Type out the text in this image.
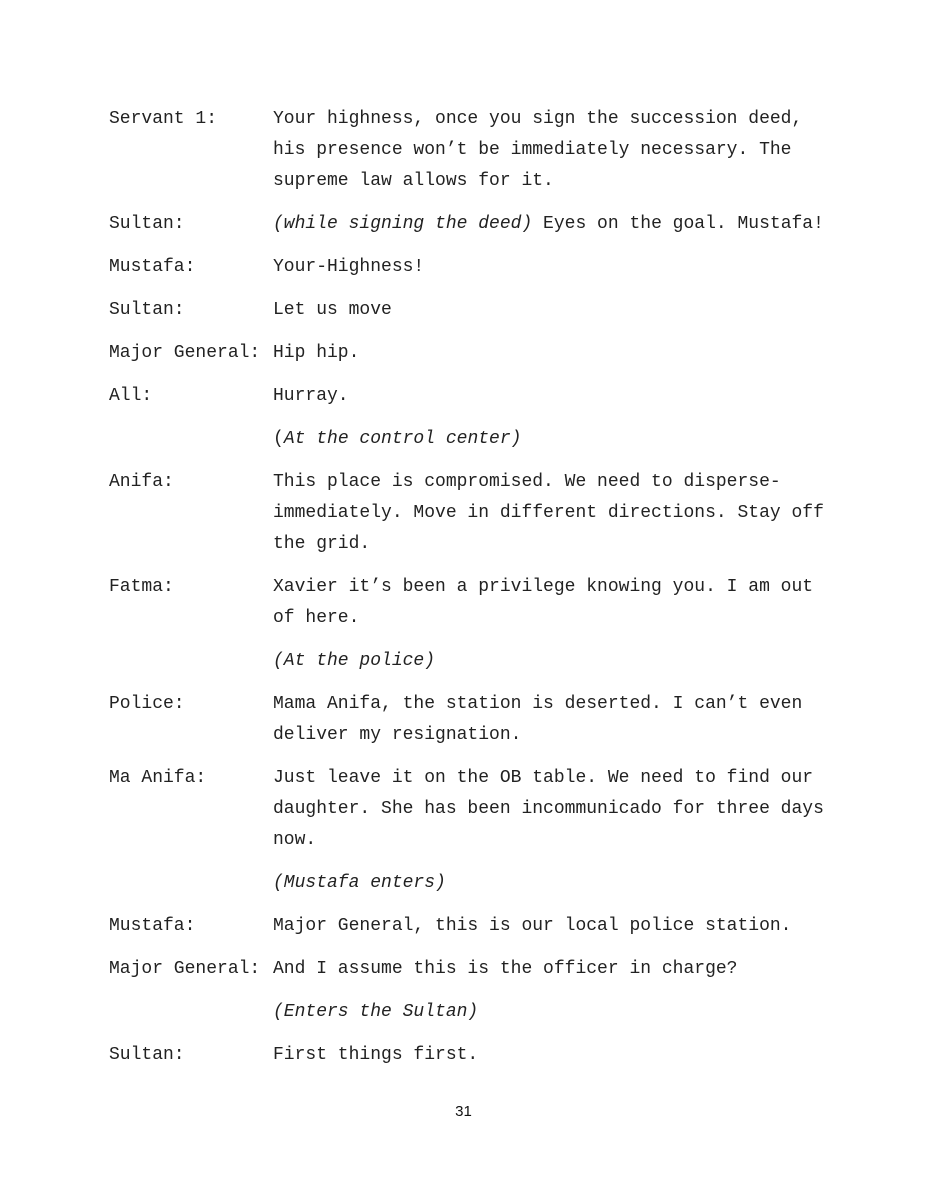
Servant 1:	Your highness, once you sign the succession deed,
his presence won’t be immediately necessary. The
supreme law allows for it.
Sultan:	(while signing the deed) Eyes on the goal. Mustafa!
Mustafa:	Your-Highness!
Sultan:	Let us move
Major General: Hip hip.
All:	Hurray.
(At the control center)
Anifa:	This place is compromised. We need to disperse-
immediately. Move in different directions. Stay off
the grid.
Fatma:	Xavier it’s been a privilege knowing you. I am out
of here.
(At the police)
Police:	Mama Anifa, the station is deserted. I can’t even
deliver my resignation.
Ma Anifa:	Just leave it on the OB table. We need to find our
daughter. She has been incommunicado for three days
now.
(Mustafa enters)
Mustafa:	Major General, this is our local police station.
Major General: And I assume this is the officer in charge?
(Enters the Sultan)
Sultan:	First things first.
31
